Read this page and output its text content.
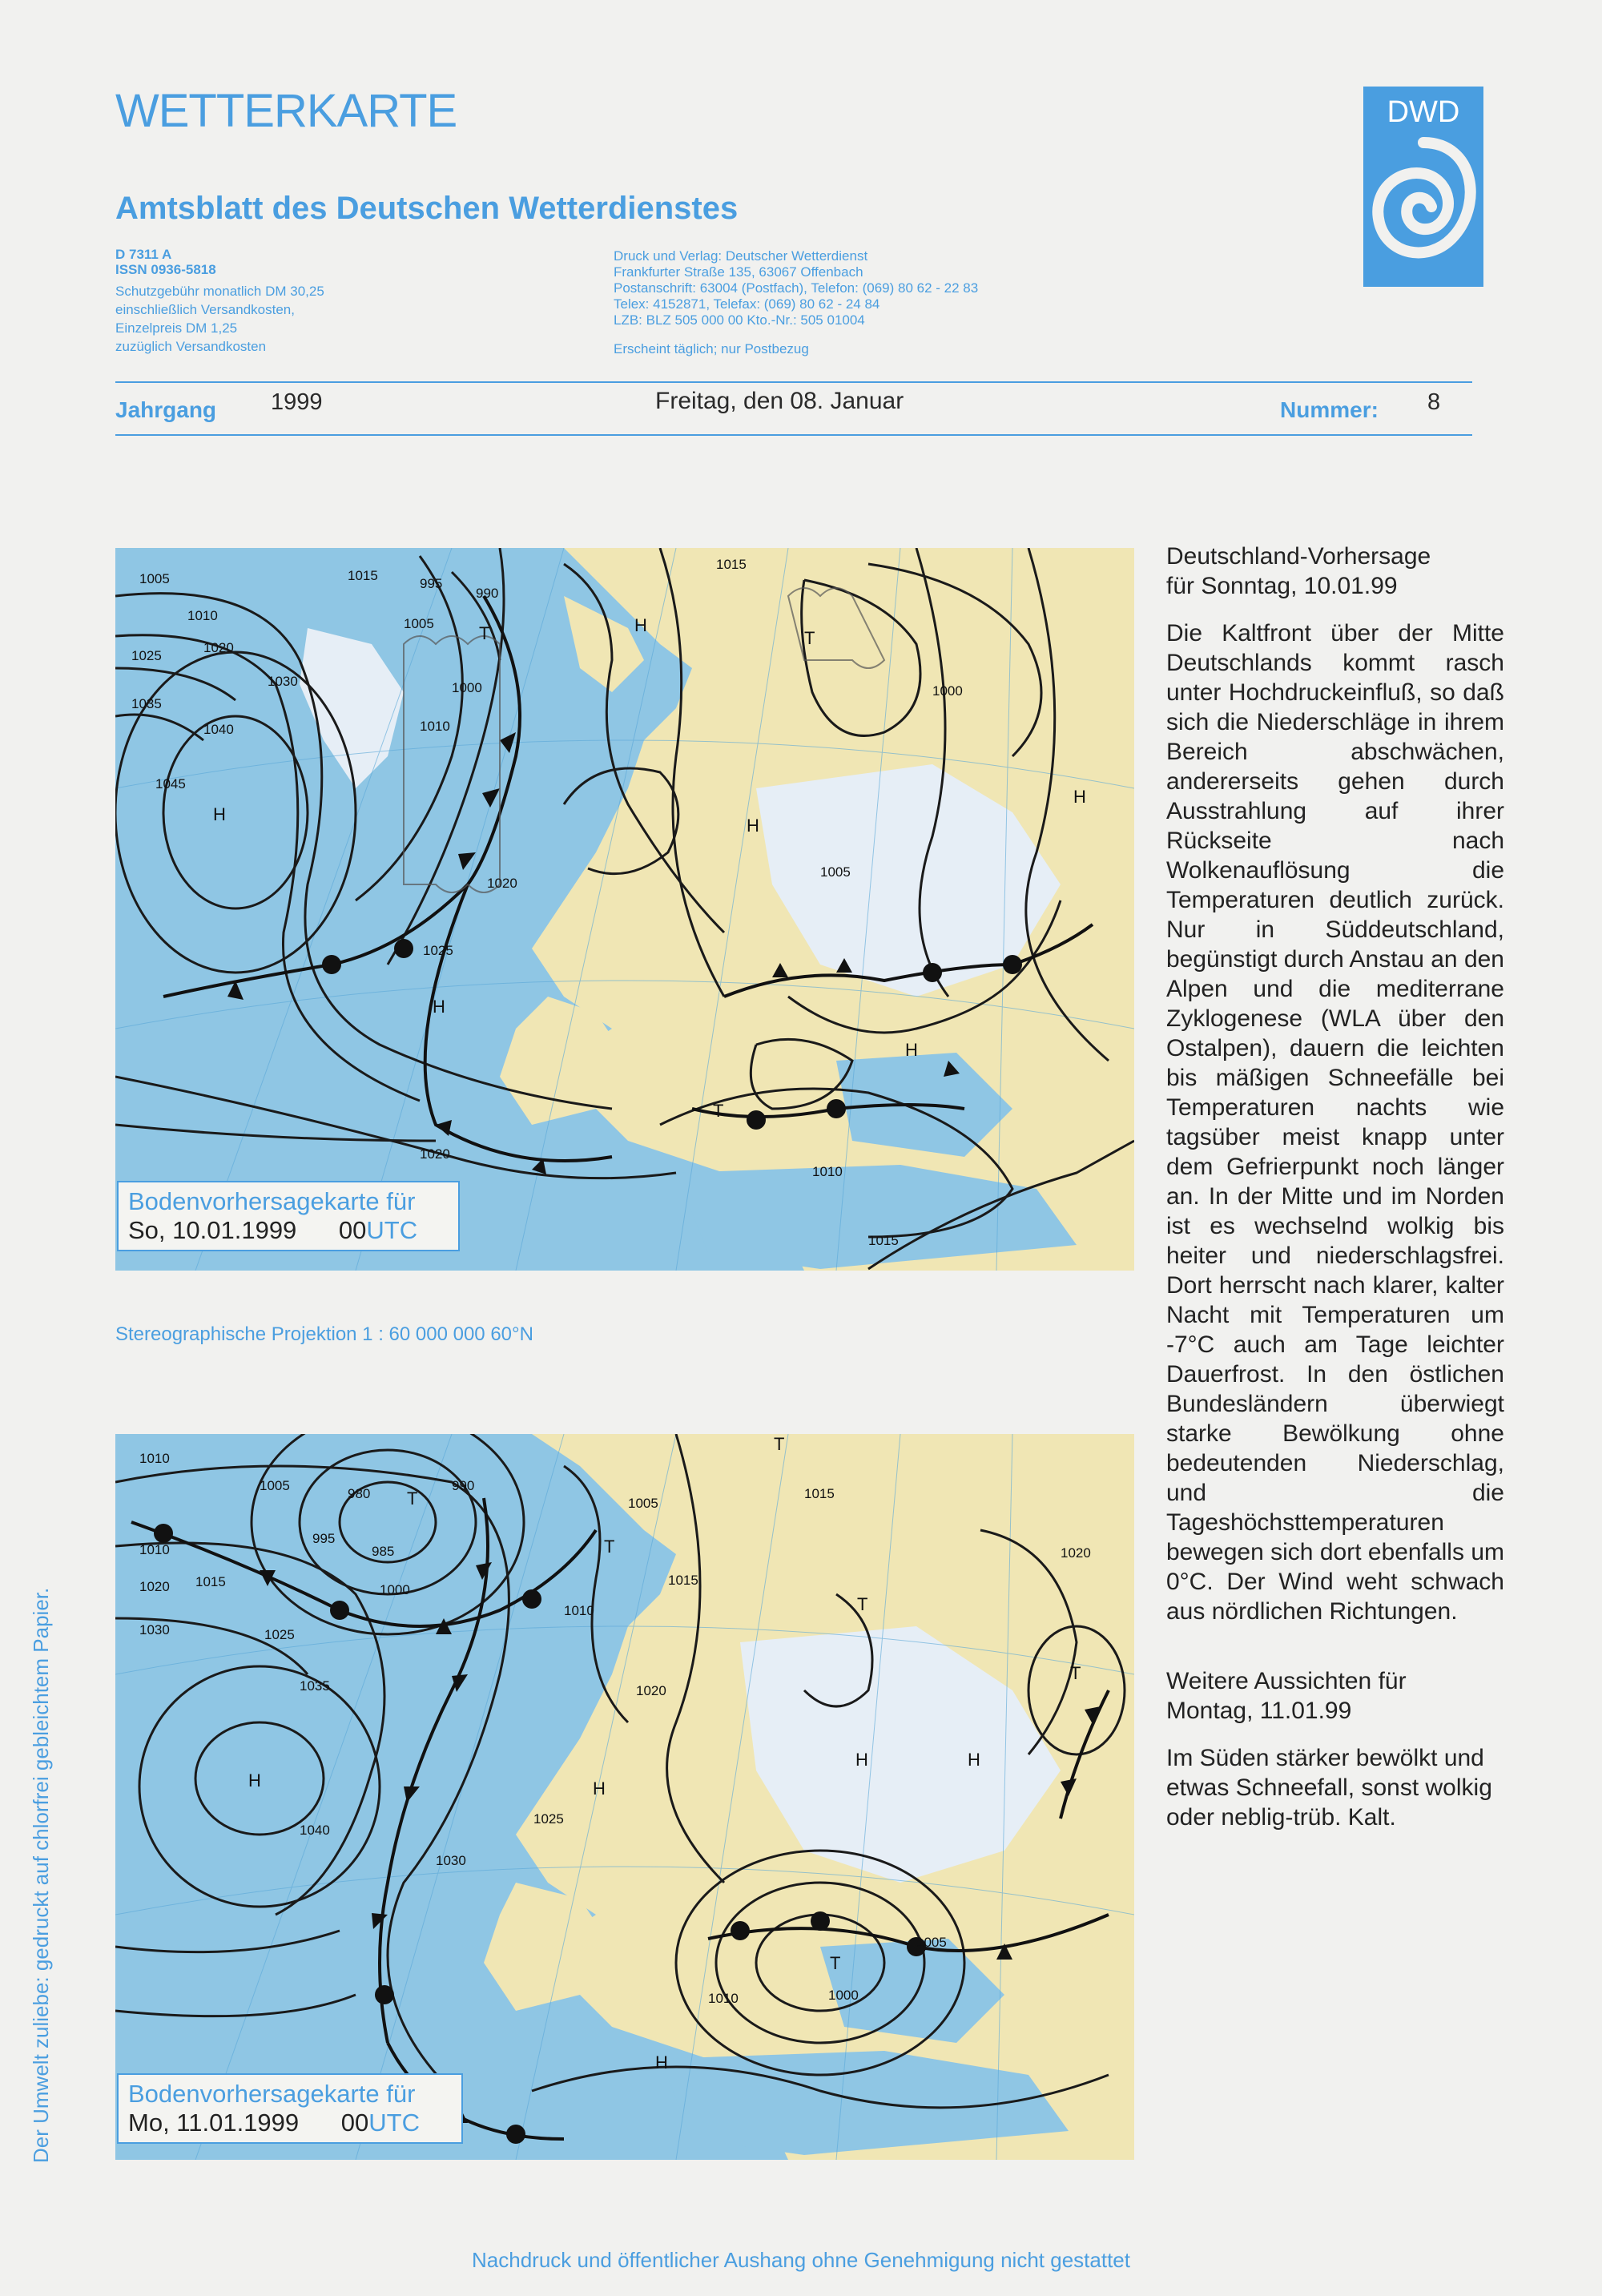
WETTERKARTE
Amtsblatt des Deutschen Wetterdienstes
D 7311 A
ISSN 0936-5818
Schutzgebühr monatlich DM 30,25
einschließlich Versandkosten,
Einzelpreis DM 1,25
zuzüglich Versandkosten
Druck und Verlag: Deutscher Wetterdienst
Frankfurter Straße 135, 63067 Offenbach
Postanschrift: 63004 (Postfach), Telefon: (069) 80 62 - 22 83
Telex: 4152871, Telefax: (069) 80 62 - 24 84
LZB: BLZ 505 000 00 Kto.-Nr.: 505 01004
Erscheint täglich; nur Postbezug
DWD
Jahrgang 1999	Freitag, den 08. Januar	Nummer: 8
1005
1010
1015
1020
1025
1030
1035
1040
1045
1000
995
990
1005
1010
1015
1020
1025
1000
1005
1010
1015
1020
H
H
H
H
T	T
T
H
H
Bodenvorhersagekarte für
So, 10.01.1999 00UTC
Stereographische Projektion 1 : 60 000 000 60°N
1010
1005
980
990
995
985
1000
1010
1015
1020
1025
1030
1035
1040
1005
1010
1015
1020
1025
1030
1010
1005
1000
1015
1020
H	H
H	H
H
T
T
T
T
T
T
Bodenvorhersagekarte für
Mo, 11.01.1999 00UTC

Deutschland-Vorhersage
für Sonntag, 10.01.99

Die Kaltfront über der Mitte Deutschlands kommt rasch unter Hochdruckeinfluß, so daß sich die Niederschläge in ihrem Bereich abschwächen, andererseits gehen durch Ausstrahlung auf ihrer Rückseite nach Wolkenauflösung die Temperaturen deutlich zurück. Nur in Süddeutschland, begünstigt durch Anstau an den Alpen und die mediterrane Zyklogenese (WLA über den Ostalpen), dauern die leichten bis mäßigen Schneefälle bei Temperaturen nachts wie tagsüber meist knapp unter dem Gefrierpunkt noch länger an. In der Mitte und im Norden ist es wechselnd wolkig bis heiter und niederschlagsfrei. Dort herrscht nach klarer, kalter Nacht mit Temperaturen um -7°C auch am Tage leichter Dauerfrost. In den östlichen Bundesländern überwiegt starke Bewölkung ohne bedeutenden Niederschlag, und die Tageshöchsttemperaturen bewegen sich dort ebenfalls um 0°C. Der Wind weht schwach aus nördlichen Richtungen.

Weitere Aussichten für
Montag, 11.01.99

Im Süden stärker bewölkt und etwas Schneefall, sonst wolkig oder neblig-trüb. Kalt.

Der Umwelt zuliebe: gedruckt auf chlorfrei gebleichtem Papier.
Nachdruck und öffentlicher Aushang ohne Genehmigung nicht gestattet
